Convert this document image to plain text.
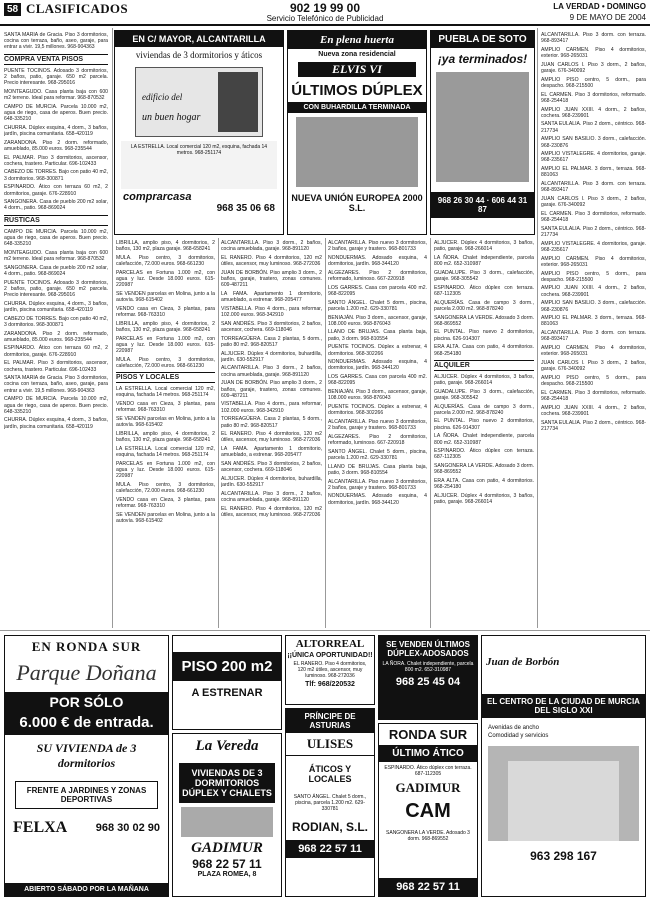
58 CLASIFICADOS	902 19 99 00
Servicio Telefónico de Publicidad
LA VERDAD • DOMINGO
9 DE MAYO DE 2004

SANTA MARIA de Gracia. Piso 3 dormitorios, cocina con terraza, baño, aseo, garaje, para entrar a vivir. 19,5 millones. 968-904363

COMPRA VENTA PISOS

PUENTE TOCINOS. Adosado 3 dormitorios, 2 baños, patio, garaje. 650 m2 parcela. Precio interesante. 968-295016

MONTEAGUDO. Casa planta baja con 600 m2 terreno. Ideal para reformar. 968-870532

CAMPO DE MURCIA. Parcela 10.000 m2, agua de riego, casa de aperos. Buen precio. 648-335210

CHURRA. Dúplex esquina, 4 dorm., 3 baños, jardín, piscina comunitaria. 658-420119

ZARANDONA. Piso 2 dorm. reformado, amueblado, 85.000 euros. 968-235544

EL PALMAR. Piso 3 dormitorios, ascensor, cochera, trastero. Particular. 696-102433

CABEZO DE TORRES. Bajo con patio 40 m2, 3 dormitorios. 968-300871

ESPINARDO. Ático con terraza 60 m2, 2 dormitorios, garaje. 676-228910

SANGONERA. Casa de pueblo 200 m2 solar, 4 dorm., patio. 968-869024

RÚSTICAS

CAMPO DE MURCIA. Parcela 10.000 m2, agua de riego, casa de aperos. Buen precio. 648-335210

MONTEAGUDO. Casa planta baja con 600 m2 terreno. Ideal para reformar. 968-870532

SANGONERA. Casa de pueblo 200 m2 solar, 4 dorm., patio. 968-869024

PUENTE TOCINOS. Adosado 3 dormitorios, 2 baños, patio, garaje. 650 m2 parcela. Precio interesante. 968-295016

CHURRA. Dúplex esquina, 4 dorm., 3 baños, jardín, piscina comunitaria. 658-420119

CABEZO DE TORRES. Bajo con patio 40 m2, 3 dormitorios. 968-300871

ZARANDONA. Piso 2 dorm. reformado, amueblado, 85.000 euros. 968-235544

ESPINARDO. Ático con terraza 60 m2, 2 dormitorios, garaje. 676-228910

EL PALMAR. Piso 3 dormitorios, ascensor, cochera, trastero. Particular. 696-102433

SANTA MARIA de Gracia. Piso 3 dormitorios, cocina con terraza, baño, aseo, garaje, para entrar a vivir. 19,5 millones. 968-904363

CAMPO DE MURCIA. Parcela 10.000 m2, agua de riego, casa de aperos. Buen precio. 648-335210

CHURRA. Dúplex esquina, 4 dorm., 3 baños, jardín, piscina comunitaria. 658-420119

EN C/ MAYOR, ALCANTARILLA
viviendas de 3 dormitorios y áticos
edificio del
un buen hogar
LA ESTRELLA. Local comercial 120 m2, esquina, fachada 14 metros. 968-251174
comprarcasa
968 35 06 68
En plena huerta
Nueva zona residencial
ELVIS VI
ÚLTIMOS DÚPLEX
CON BUHARDILLA TERMINADA
NUEVA UNIÓN EUROPEA 2000 S.L.
PUEBLA DE SOTO
¡ya terminados!
968 26 30 44 · 606 44 31 87

ALCANTARILLA. Piso 3 dorm. con terraza. 968-893417

AMPLIO CARMEN. Piso 4 dormitorios, exterior. 968-265031

JUAN CARLOS I. Piso 3 dorm., 2 baños, garaje. 676-340092

AMPLIO PISO centro, 5 dorm., para despacho. 968-215500

EL CARMEN. Piso 3 dormitorios, reformado. 968-254418

AMPLIO JUAN XXIII. 4 dorm., 2 baños, cochera. 968-239901

SANTA EULALIA. Piso 2 dorm., céntrico. 968-217734

AMPLIO SAN BASILIO. 3 dorm., calefacción. 968-230876

AMPLIO VISTALEGRE. 4 dormitorios, garaje. 968-235617

AMPLIO EL PALMAR. 3 dorm., terraza. 968-881063

ALCANTARILLA. Piso 3 dorm. con terraza. 968-893417

JUAN CARLOS I. Piso 3 dorm., 2 baños, garaje. 676-340092

EL CARMEN. Piso 3 dormitorios, reformado. 968-254418

SANTA EULALIA. Piso 2 dorm., céntrico. 968-217734

AMPLIO VISTALEGRE. 4 dormitorios, garaje. 968-235617

AMPLIO CARMEN. Piso 4 dormitorios, exterior. 968-265031

AMPLIO PISO centro, 5 dorm., para despacho. 968-215500

AMPLIO JUAN XXIII. 4 dorm., 2 baños, cochera. 968-239901

AMPLIO SAN BASILIO. 3 dorm., calefacción. 968-230876

AMPLIO EL PALMAR. 3 dorm., terraza. 968-881063

ALCANTARILLA. Piso 3 dorm. con terraza. 968-893417

AMPLIO CARMEN. Piso 4 dormitorios, exterior. 968-265031

JUAN CARLOS I. Piso 3 dorm., 2 baños, garaje. 676-340092

AMPLIO PISO centro, 5 dorm., para despacho. 968-215500

EL CARMEN. Piso 3 dormitorios, reformado. 968-254418

AMPLIO JUAN XXIII. 4 dorm., 2 baños, cochera. 968-239901

SANTA EULALIA. Piso 2 dorm., céntrico. 968-217734

LIBRILLA, amplio piso, 4 dormitorios, 2 baños, 130 m2, plaza garaje. 968-658241

MULA. Piso centro, 3 dormitorios, calefacción, 72.000 euros. 968-661230

PARCELAS en Fortuna 1.000 m2, con agua y luz. Desde 18.000 euros. 615-220987

SE VENDEN parcelas en Molina, junto a la autovía. 968-615402

VENDO casa en Cieza, 3 plantas, para reformar. 968-763310

LIBRILLA, amplio piso, 4 dormitorios, 2 baños, 130 m2, plaza garaje. 968-658241

PARCELAS en Fortuna 1.000 m2, con agua y luz. Desde 18.000 euros. 615-220987

MULA. Piso centro, 3 dormitorios, calefacción, 72.000 euros. 968-661230

PISOS Y LOCALES

LA ESTRELLA. Local comercial 120 m2, esquina, fachada 14 metros. 968-251174

VENDO casa en Cieza, 3 plantas, para reformar. 968-763310

SE VENDEN parcelas en Molina, junto a la autovía. 968-615402

LIBRILLA, amplio piso, 4 dormitorios, 2 baños, 130 m2, plaza garaje. 968-658241

LA ESTRELLA. Local comercial 120 m2, esquina, fachada 14 metros. 968-251174

PARCELAS en Fortuna 1.000 m2, con agua y luz. Desde 18.000 euros. 615-220987

MULA. Piso centro, 3 dormitorios, calefacción, 72.000 euros. 968-661230

VENDO casa en Cieza, 3 plantas, para reformar. 968-763310

SE VENDEN parcelas en Molina, junto a la autovía. 968-615402

ALCANTARILLA. Piso 3 dorm., 2 baños, cocina amueblada, garaje. 968-891120

EL RANERO. Piso 4 dormitorios, 120 m2 útiles, ascensor, muy luminoso. 968-272036

JUAN DE BORBÓN. Piso amplio 3 dorm., 2 baños, garaje, trastero, zonas comunes. 609-487211

LA FAMA. Apartamento 1 dormitorio, amueblado, a estrenar. 968-205477

VISTABELLA. Piso 4 dorm., para reformar, 102.000 euros. 968-342910

SAN ANDRÉS. Piso 3 dormitorios, 2 baños, ascensor, cochera. 669-118046

TORREAGÜERA. Casa 2 plantas, 5 dorm., patio 80 m2. 968-820517

ALJUCER. Dúplex 4 dormitorios, buhardilla, jardín. 630-552917

ALCANTARILLA. Piso 3 dorm., 2 baños, cocina amueblada, garaje. 968-891120

JUAN DE BORBÓN. Piso amplio 3 dorm., 2 baños, garaje, trastero, zonas comunes. 609-487211

VISTABELLA. Piso 4 dorm., para reformar, 102.000 euros. 968-342910

TORREAGÜERA. Casa 2 plantas, 5 dorm., patio 80 m2. 968-820517

EL RANERO. Piso 4 dormitorios, 120 m2 útiles, ascensor, muy luminoso. 968-272036

LA FAMA. Apartamento 1 dormitorio, amueblado, a estrenar. 968-205477

SAN ANDRÉS. Piso 3 dormitorios, 2 baños, ascensor, cochera. 669-118046

ALJUCER. Dúplex 4 dormitorios, buhardilla, jardín. 630-552917

ALCANTARILLA. Piso 3 dorm., 2 baños, cocina amueblada, garaje. 968-891120

EL RANERO. Piso 4 dormitorios, 120 m2 útiles, ascensor, muy luminoso. 968-272036

ALCANTARILLA. Piso nuevo 3 dormitorios, 2 baños, garaje y trastero. 968-801733

NONDUERMAS. Adosado esquina, 4 dormitorios, jardín. 968-344120

ALGEZARES. Piso 2 dormitorios, reformado, luminoso. 667-220918

LOS GARRES. Casa con parcela 400 m2. 968-822095

SANTO ÁNGEL. Chalet 5 dorm., piscina, parcela 1.200 m2. 629-330781

BENIAJÁN. Piso 3 dorm., ascensor, garaje, 108.000 euros. 968-876043

LLANO DE BRUJAS. Casa planta baja, patio, 3 dorm. 968-810554

PUENTE TOCINOS. Dúplex a estrenar, 4 dormitorios. 968-302266

NONDUERMAS. Adosado esquina, 4 dormitorios, jardín. 968-344120

LOS GARRES. Casa con parcela 400 m2. 968-822095

BENIAJÁN. Piso 3 dorm., ascensor, garaje, 108.000 euros. 968-876043

PUENTE TOCINOS. Dúplex a estrenar, 4 dormitorios. 968-302266

ALCANTARILLA. Piso nuevo 3 dormitorios, 2 baños, garaje y trastero. 968-801733

ALGEZARES. Piso 2 dormitorios, reformado, luminoso. 667-220918

SANTO ÁNGEL. Chalet 5 dorm., piscina, parcela 1.200 m2. 629-330781

LLANO DE BRUJAS. Casa planta baja, patio, 3 dorm. 968-810554

ALCANTARILLA. Piso nuevo 3 dormitorios, 2 baños, garaje y trastero. 968-801733

NONDUERMAS. Adosado esquina, 4 dormitorios, jardín. 968-344120

ALJUCER. Dúplex 4 dormitorios, 3 baños, patio, garaje. 968-266014

LA ÑORA. Chalet independiente, parcela 800 m2. 652-310987

GUADALUPE. Piso 3 dorm., calefacción, garaje. 968-305542

ESPINARDO. Ático dúplex con terraza. 687-112305

ALQUERÍAS. Casa de campo 3 dorm., parcela 2.000 m2. 968-878240

SANGONERA LA VERDE. Adosado 3 dorm. 968-869552

EL PUNTAL. Piso nuevo 2 dormitorios, piscina. 626-914307

ERA ALTA. Casa con patio, 4 dormitorios. 968-254180

ALQUILER

ALJUCER. Dúplex 4 dormitorios, 3 baños, patio, garaje. 968-266014

GUADALUPE. Piso 3 dorm., calefacción, garaje. 968-305542

ALQUERÍAS. Casa de campo 3 dorm., parcela 2.000 m2. 968-878240

EL PUNTAL. Piso nuevo 2 dormitorios, piscina. 626-914307

LA ÑORA. Chalet independiente, parcela 800 m2. 652-310987

ESPINARDO. Ático dúplex con terraza. 687-112305

SANGONERA LA VERDE. Adosado 3 dorm. 968-869552

ERA ALTA. Casa con patio, 4 dormitorios. 968-254180

ALJUCER. Dúplex 4 dormitorios, 3 baños, patio, garaje. 968-266014

EN RONDA SUR
Parque Doñana
POR SÓLO
6.000 € de entrada.
SU VIVIENDA de 3 dormitorios
FRENTE A JARDINES Y ZONAS DEPORTIVAS
FELXA	968 30 02 90
ABIERTO SÁBADO POR LA MAÑANA
PISO 200 m2
A ESTRENAR
La Vereda
VIVIENDAS DE 3 DORMITORIOS DÚPLEX Y CHALETS
GADIMUR
968 22 57 11
PLAZA ROMEA, 8
ALTORREAL
¡¡ÚNICA OPORTUNIDAD!!
EL RANERO. Piso 4 dormitorios, 120 m2 útiles, ascensor, muy luminoso. 968-272036
Tlf: 968/220532
PRÍNCIPE DE ASTURIAS
ULISES
ÁTICOS Y LOCALES
SANTO ÁNGEL. Chalet 5 dorm., piscina, parcela 1.200 m2. 629-330781
RODIAN, S.L.
968 22 57 11
SE VENDEN ÚLTIMOS DÚPLEX-ADOSADOS
LA ÑORA. Chalet independiente, parcela 800 m2. 652-310987
968 25 45 04
RONDA SUR
ÚLTIMO ÁTICO
ESPINARDO. Ático dúplex con terraza. 687-112305
GADIMUR
CAM
SANGONERA LA VERDE. Adosado 3 dorm. 968-869552
968 22 57 11
Juan de Borbón
EL CENTRO DE LA CIUDAD DE MURCIA DEL SIGLO XXI
Avenidas de ancho
Comodidad y servicios
963 298 167
